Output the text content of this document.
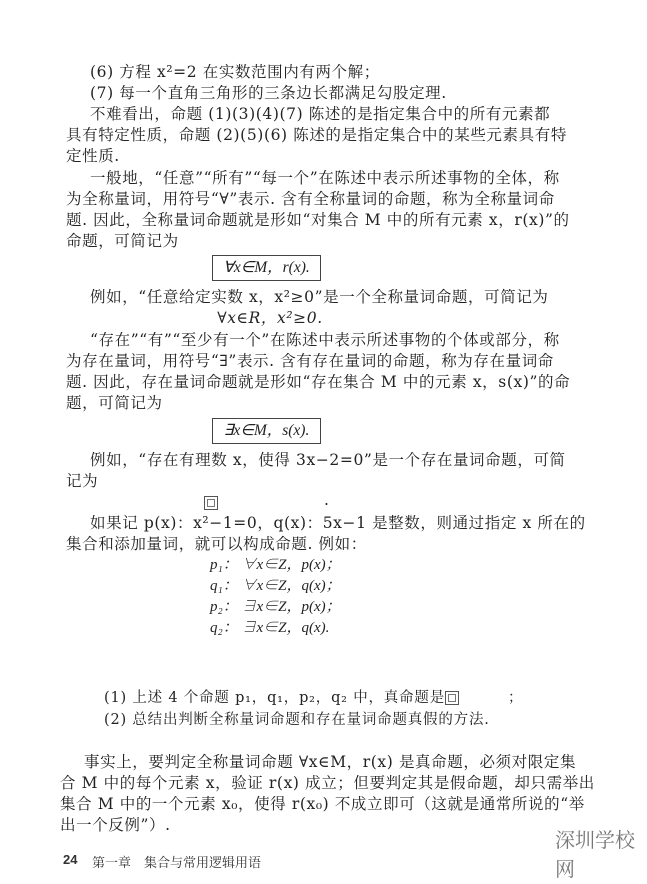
(6) 方程 x²=2 在实数范围内有两个解；
(7) 每一个直角三角形的三条边长都满足勾股定理.
不难看出，命题 (1)(3)(4)(7) 陈述的是指定集合中的所有元素都
具有特定性质，命题 (2)(5)(6) 陈述的是指定集合中的某些元素具有特
定性质.
一般地，“任意”“所有”“每一个”在陈述中表示所述事物的全体，称
为全称量词，用符号“∀”表示. 含有全称量词的命题，称为全称量词命
题. 因此，全称量词命题就是形如“对集合 M 中的所有元素 x，r(x)”的
命题，可简记为
∀x∈M，r(x).
例如，“任意给定实数 x，x²≥0”是一个全称量词命题，可简记为
∀x∈R，x²≥0.
“存在”“有”“至少有一个”在陈述中表示所述事物的个体或部分，称
为存在量词，用符号“∃”表示. 含有存在量词的命题，称为存在量词命
题. 因此，存在量词命题就是形如“存在集合 M 中的元素 x，s(x)”的命
题，可简记为
∃x∈M，s(x).
例如，“存在有理数 x，使得 3x−2=0”是一个存在量词命题，可简
记为
.
如果记 p(x)：x²−1=0，q(x)：5x−1 是整数，则通过指定 x 所在的
集合和添加量词，就可以构成命题. 例如：
p₁： ∀x∈Z，p(x)；
q₁： ∀x∈Z，q(x)；
p₂： ∃x∈Z，p(x)；
q₂： ∃x∈Z，q(x).
(1) 上述 4 个命题 p₁，q₁，p₂，q₂ 中，真命题是	；
(2) 总结出判断全称量词命题和存在量词命题真假的方法.
事实上，要判定全称量词命题 ∀x∈M，r(x) 是真命题，必须对限定集
合 M 中的每个元素 x，验证 r(x) 成立；但要判定其是假命题，却只需举出
集合 M 中的一个元素 x₀，使得 r(x₀) 不成立即可（这就是通常所说的“举
出一个反例”）.
24 第一章　集合与常用逻辑用语
深圳学校网
